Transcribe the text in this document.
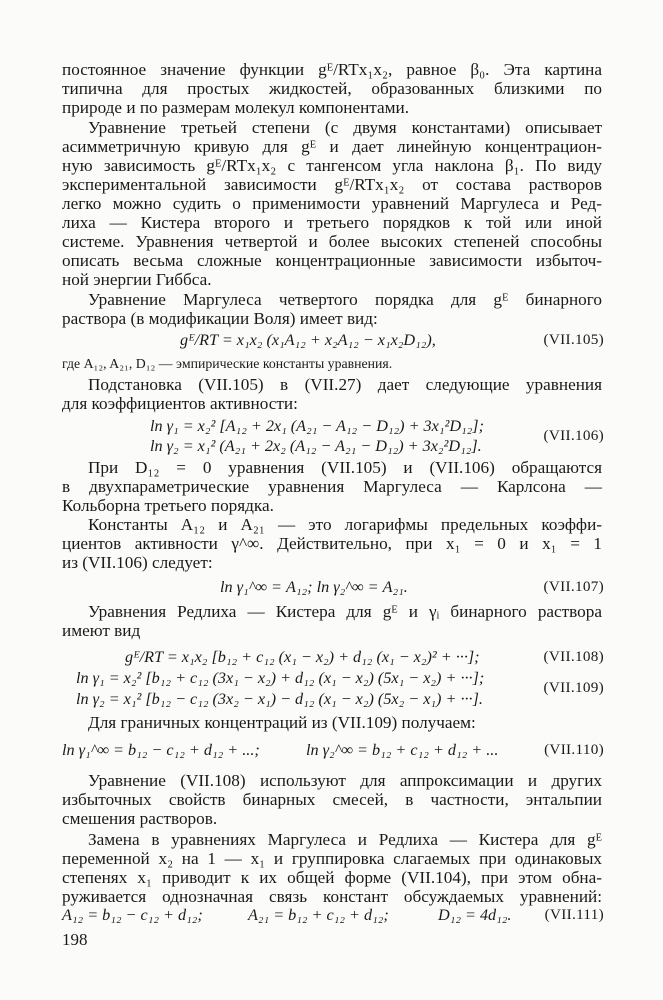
постоянное значение функции gᴱ/RTx₁x₂, равное β₀. Эта картина
типична для простых жидкостей, образованных близкими по
природе и по размерам молекул компонентами.
Уравнение третьей степени (с двумя константами) описывает
асимметричную кривую для gᴱ и дает линейную концентрацион-
ную зависимость gᴱ/RTx₁x₂ с тангенсом угла наклона β₁. По виду
экспериментальной зависимости gᴱ/RTx₁x₂ от состава растворов
легко можно судить о применимости уравнений Маргулеса и Ред-
лиха — Кистера второго и третьего порядков к той или иной
системе. Уравнения четвертой и более высоких степеней способны
описать весьма сложные концентрационные зависимости избыточ-
ной энергии Гиббса.
Уравнение Маргулеса четвертого порядка для gᴱ бинарного
раствора (в модификации Воля) имеет вид:
gᴱ/RT = x₁x₂ (x₁A₁₂ + x₂A₁₂ − x₁x₂D₁₂),	(VII.105)
где A₁₂, A₂₁, D₁₂ — эмпирические константы уравнения.
Подстановка (VII.105) в (VII.27) дает следующие уравнения
для коэффициентов активности:
ln γ₁ = x₂² [A₁₂ + 2x₁ (A₂₁ − A₁₂ − D₁₂) + 3x₁²D₁₂];
ln γ₂ = x₁² (A₂₁ + 2x₂ (A₁₂ − A₂₁ − D₁₂) + 3x₂²D₁₂].
(VII.106)
При D₁₂ = 0 уравнения (VII.105) и (VII.106) обращаются
в двухпараметрические уравнения Маргулеса — Карлсона —
Кольборна третьего порядка.
Константы A₁₂ и A₂₁ — это логарифмы предельных коэффи-
циентов активности γ^∞. Действительно, при x₁ = 0 и x₁ = 1
из (VII.106) следует:
ln γ₁^∞ = A₁₂; ln γ₂^∞ = A₂₁.	(VII.107)
Уравнения Редлиха — Кистера для gᴱ и γᵢ бинарного раствора
имеют вид
gᴱ/RT = x₁x₂ [b₁₂ + c₁₂ (x₁ − x₂) + d₁₂ (x₁ − x₂)² + ···];	(VII.108)
ln γ₁ = x₂² [b₁₂ + c₁₂ (3x₁ − x₂) + d₁₂ (x₁ − x₂) (5x₁ − x₂) + ···];
ln γ₂ = x₁² [b₁₂ − c₁₂ (3x₂ − x₁) − d₁₂ (x₁ − x₂) (5x₂ − x₁) + ···].
(VII.109)
Для граничных концентраций из (VII.109) получаем:
ln γ₁^∞ = b₁₂ − c₁₂ + d₁₂ + ...;	ln γ₂^∞ = b₁₂ + c₁₂ + d₁₂ + ...	(VII.110)
Уравнение (VII.108) используют для аппроксимации и других
избыточных свойств бинарных смесей, в частности, энтальпии
смешения растворов.
Замена в уравнениях Маргулеса и Редлиха — Кистера для gᴱ
переменной x₂ на 1 — x₁ и группировка слагаемых при одинаковых
степенях x₁ приводит к их общей форме (VII.104), при этом обна-
руживается однозначная связь констант обсуждаемых уравнений:
A₁₂ = b₁₂ − c₁₂ + d₁₂;	A₂₁ = b₁₂ + c₁₂ + d₁₂;	D₁₂ = 4d₁₂.	(VII.111)
198
